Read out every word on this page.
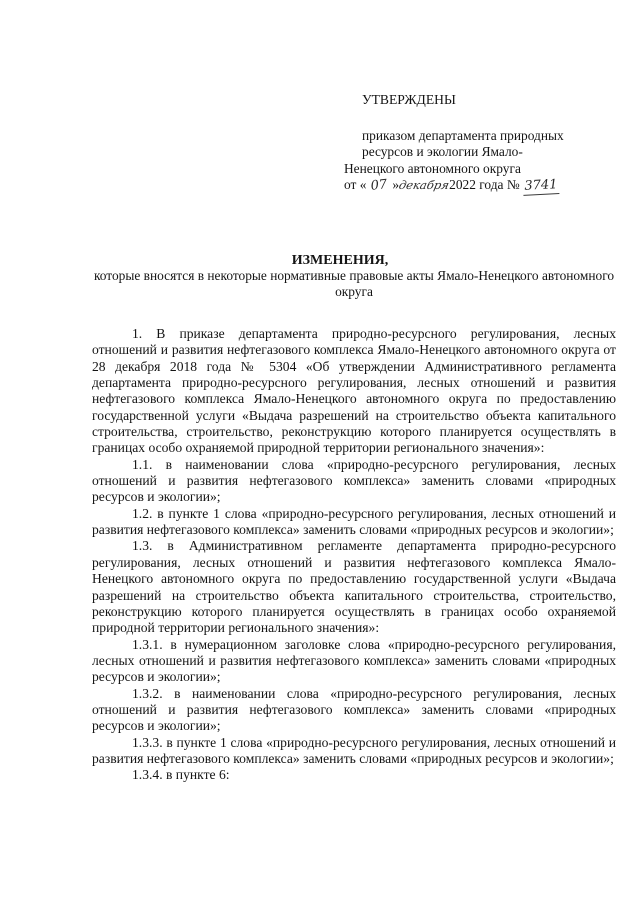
УТВЕРЖДЕНЫ
приказом департамента природных
ресурсов и экологии Ямало-
Ненецкого автономного округа
от « 07 »декабря2022 года № 3741
ИЗМЕНЕНИЯ,
которые вносятся в некоторые нормативные правовые акты Ямало-Ненецкого автономного округа

1. В приказе департамента природно-ресурсного регулирования, лесных отношений и развития нефтегазового комплекса Ямало-Ненецкого автономного округа от 28 декабря 2018 года № 5304 «Об утверждении Административного регламента департамента природно-ресурсного регулирования, лесных отношений и развития нефтегазового комплекса Ямало-Ненецкого автономного округа по предоставлению государственной услуги «Выдача разрешений на строительство объекта капитального строительства, строительство, реконструкцию которого планируется осуществлять в границах особо охраняемой природной территории регионального значения»:

1.1. в наименовании слова «природно-ресурсного регулирования, лесных отношений и развития нефтегазового комплекса» заменить словами «природных ресурсов и экологии»;

1.2. в пункте 1 слова «природно-ресурсного регулирования, лесных отношений и развития нефтегазового комплекса» заменить словами «природных ресурсов и экологии»;

1.3. в Административном регламенте департамента природно-ресурсного регулирования, лесных отношений и развития нефтегазового комплекса Ямало-Ненецкого автономного округа по предоставлению государственной услуги «Выдача разрешений на строительство объекта капитального строительства, строительство, реконструкцию которого планируется осуществлять в границах особо охраняемой природной территории регионального значения»:

1.3.1. в нумерационном заголовке слова «природно-ресурсного регулирования, лесных отношений и развития нефтегазового комплекса» заменить словами «природных ресурсов и экологии»;

1.3.2. в наименовании слова «природно-ресурсного регулирования, лесных отношений и развития нефтегазового комплекса» заменить словами «природных ресурсов и экологии»;

1.3.3. в пункте 1 слова «природно-ресурсного регулирования, лесных отношений и развития нефтегазового комплекса» заменить словами «природных ресурсов и экологии»;

1.3.4. в пункте 6:
